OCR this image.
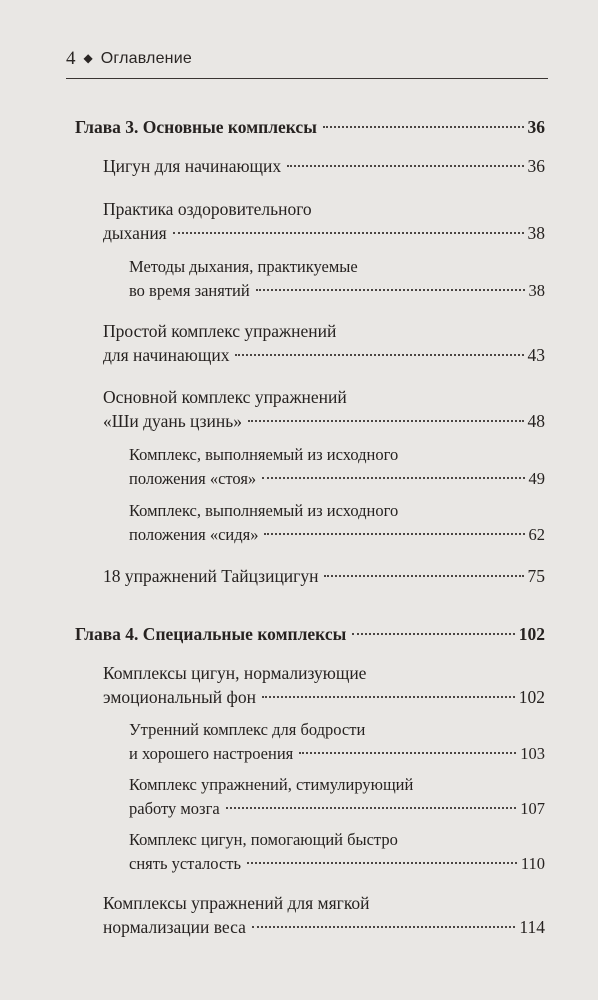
4 ◆ Оглавление
Глава 3. Основные комплексы	36
Цигун для начинающих	36
Практика оздоровительного
дыхания	38
Методы дыхания, практикуемые
во время занятий	38
Простой комплекс упражнений
для начинающих	43
Основной комплекс упражнений
«Ши дуань цзинь»	48
Комплекс, выполняемый из исходного
положения «стоя»	49
Комплекс, выполняемый из исходного
положения «сидя»	62
18 упражнений Тайцзицигун	75
Глава 4. Специальные комплексы	102
Комплексы цигун, нормализующие
эмоциональный фон	102
Утренний комплекс для бодрости
и хорошего настроения	103
Комплекс упражнений, стимулирующий
работу мозга	107
Комплекс цигун, помогающий быстро
снять усталость	110
Комплексы упражнений для мягкой
нормализации веса	114
